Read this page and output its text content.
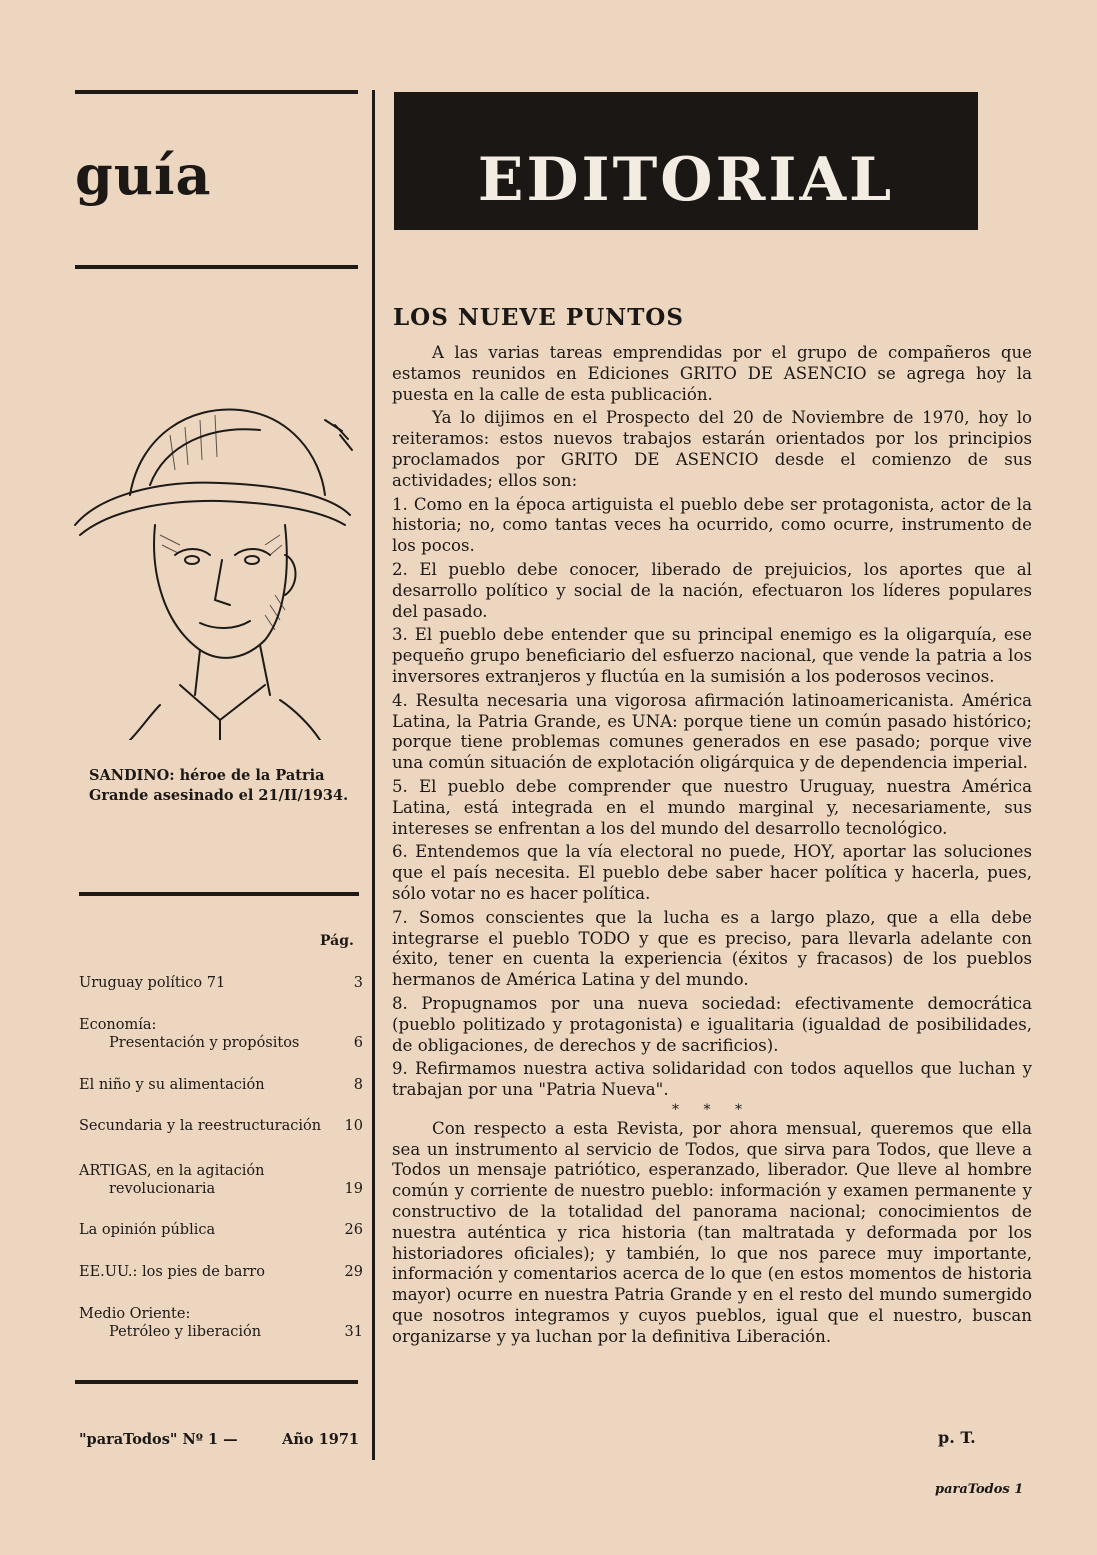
guía
SANDINO: héroe de la Patria Grande asesinado el 21/II/1934.
Pág.
Uruguay político 71	3
Economía:
Presentación y propósitos	6
El niño y su alimentación	8
Secundaria y la reestructuración	10
ARTIGAS, en la agitación
revolucionaria	19
La opinión pública	26
EE.UU.: los pies de barro	29
Medio Oriente:
Petróleo y liberación	31
"paraTodos" Nº 1 —	Año 1971
EDITORIAL
LOS NUEVE PUNTOS

A las varias tareas emprendidas por el grupo de compañeros que estamos reunidos en Ediciones GRITO DE ASENCIO se agrega hoy la puesta en la calle de esta publicación.

Ya lo dijimos en el Prospecto del 20 de Noviembre de 1970, hoy lo reiteramos: estos nuevos trabajos estarán orientados por los principios proclamados por GRITO DE ASENCIO desde el comienzo de sus actividades; ellos son:

1. Como en la época artiguista el pueblo debe ser protagonista, actor de la historia; no, como tantas veces ha ocurrido, como ocurre, instrumento de los pocos.

2. El pueblo debe conocer, liberado de prejuicios, los aportes que al desarrollo político y social de la nación, efectuaron los líderes populares del pasado.

3. El pueblo debe entender que su principal enemigo es la oligarquía, ese pequeño grupo beneficiario del esfuerzo nacional, que vende la patria a los inversores extranjeros y fluctúa en la sumisión a los poderosos vecinos.

4. Resulta necesaria una vigorosa afirmación latinoamericanista. América Latina, la Patria Grande, es UNA: porque tiene un común pasado histórico; porque tiene problemas comunes generados en ese pasado; porque vive una común situación de explotación oligárquica y de dependencia imperial.

5. El pueblo debe comprender que nuestro Uruguay, nuestra América Latina, está integrada en el mundo marginal y, necesariamente, sus intereses se enfrentan a los del mundo del desarrollo tecnológico.

6. Entendemos que la vía electoral no puede, HOY, aportar las soluciones que el país necesita. El pueblo debe saber hacer política y hacerla, pues, sólo votar no es hacer política.

7. Somos conscientes que la lucha es a largo plazo, que a ella debe integrarse el pueblo TODO y que es preciso, para llevarla adelante con éxito, tener en cuenta la experiencia (éxitos y fracasos) de los pueblos hermanos de América Latina y del mundo.

8. Propugnamos por una nueva sociedad: efectivamente democrática (pueblo politizado y protagonista) e igualitaria (igualdad de posibilidades, de obligaciones, de derechos y de sacrificios).

9. Refirmamos nuestra activa solidaridad con todos aquellos que luchan y trabajan por una "Patria Nueva".

* * *

Con respecto a esta Revista, por ahora mensual, queremos que ella sea un instrumento al servicio de Todos, que sirva para Todos, que lleve a Todos un mensaje patriótico, esperanzado, liberador. Que lleve al hombre común y corriente de nuestro pueblo: información y examen permanente y constructivo de la totalidad del panorama nacional; conocimientos de nuestra auténtica y rica historia (tan maltratada y deformada por los historiadores oficiales); y también, lo que nos parece muy importante, información y comentarios acerca de lo que (en estos momentos de historia mayor) ocurre en nuestra Patria Grande y en el resto del mundo sumergido que nosotros integramos y cuyos pueblos, igual que el nuestro, buscan organizarse y ya luchan por la definitiva Liberación.

p. T.
paraTodos 1
